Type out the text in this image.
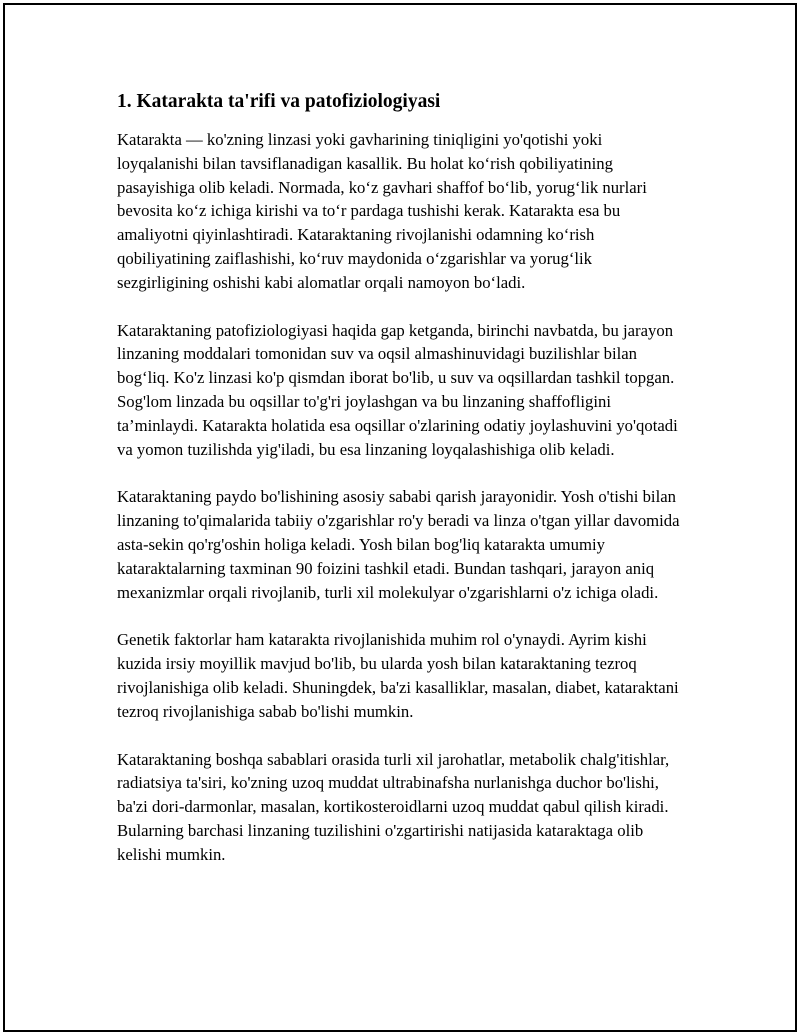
1. Katarakta ta'rifi va patofiziologiyasi

Katarakta — ko'zning linzasi yoki gavharining tiniqligini yo'qotishi yoki loyqalanishi bilan tavsiflanadigan kasallik. Bu holat ko‘rish qobiliyatining pasayishiga olib keladi. Normada, ko‘z gavhari shaffof bo‘lib, yorug‘lik nurlari bevosita ko‘z ichiga kirishi va to‘r pardaga tushishi kerak. Katarakta esa bu amaliyotni qiyinlashtiradi. Kataraktaning rivojlanishi odamning ko‘rish qobiliyatining zaiflashishi, ko‘ruv maydonida o‘zgarishlar va yorug‘lik sezgirligining oshishi kabi alomatlar orqali namoyon bo‘ladi.

Kataraktaning patofiziologiyasi haqida gap ketganda, birinchi navbatda, bu jarayon linzaning moddalari tomonidan suv va oqsil almashinuvidagi buzilishlar bilan bog‘liq. Ko'z linzasi ko'p qismdan iborat bo'lib, u suv va oqsillardan tashkil topgan. Sog'lom linzada bu oqsillar to'g'ri joylashgan va bu linzaning shaffofligini ta’minlaydi. Katarakta holatida esa oqsillar o'zlarining odatiy joylashuvini yo'qotadi va yomon tuzilishda yig'iladi, bu esa linzaning loyqalashishiga olib keladi.

Kataraktaning paydo bo'lishining asosiy sababi qarish jarayonidir. Yosh o'tishi bilan linzaning to'qimalarida tabiiy o'zgarishlar ro'y beradi va linza o'tgan yillar davomida asta-sekin qo'rg'oshin holiga keladi. Yosh bilan bog'liq katarakta umumiy kataraktalarning taxminan 90 foizini tashkil etadi. Bundan tashqari, jarayon aniq mexanizmlar orqali rivojlanib, turli xil molekulyar o'zgarishlarni o'z ichiga oladi.

Genetik faktorlar ham katarakta rivojlanishida muhim rol o'ynaydi. Ayrim kishi kuzida irsiy moyillik mavjud bo'lib, bu ularda yosh bilan kataraktaning tezroq rivojlanishiga olib keladi. Shuningdek, ba'zi kasalliklar, masalan, diabet, kataraktani tezroq rivojlanishiga sabab bo'lishi mumkin.

Kataraktaning boshqa sabablari orasida turli xil jarohatlar, metabolik chalg'itishlar, radiatsiya ta'siri, ko'zning uzoq muddat ultrabinafsha nurlanishga duchor bo'lishi, ba'zi dori-darmonlar, masalan, kortikosteroidlarni uzoq muddat qabul qilish kiradi. Bularning barchasi linzaning tuzilishini o'zgartirishi natijasida kataraktaga olib kelishi mumkin.
